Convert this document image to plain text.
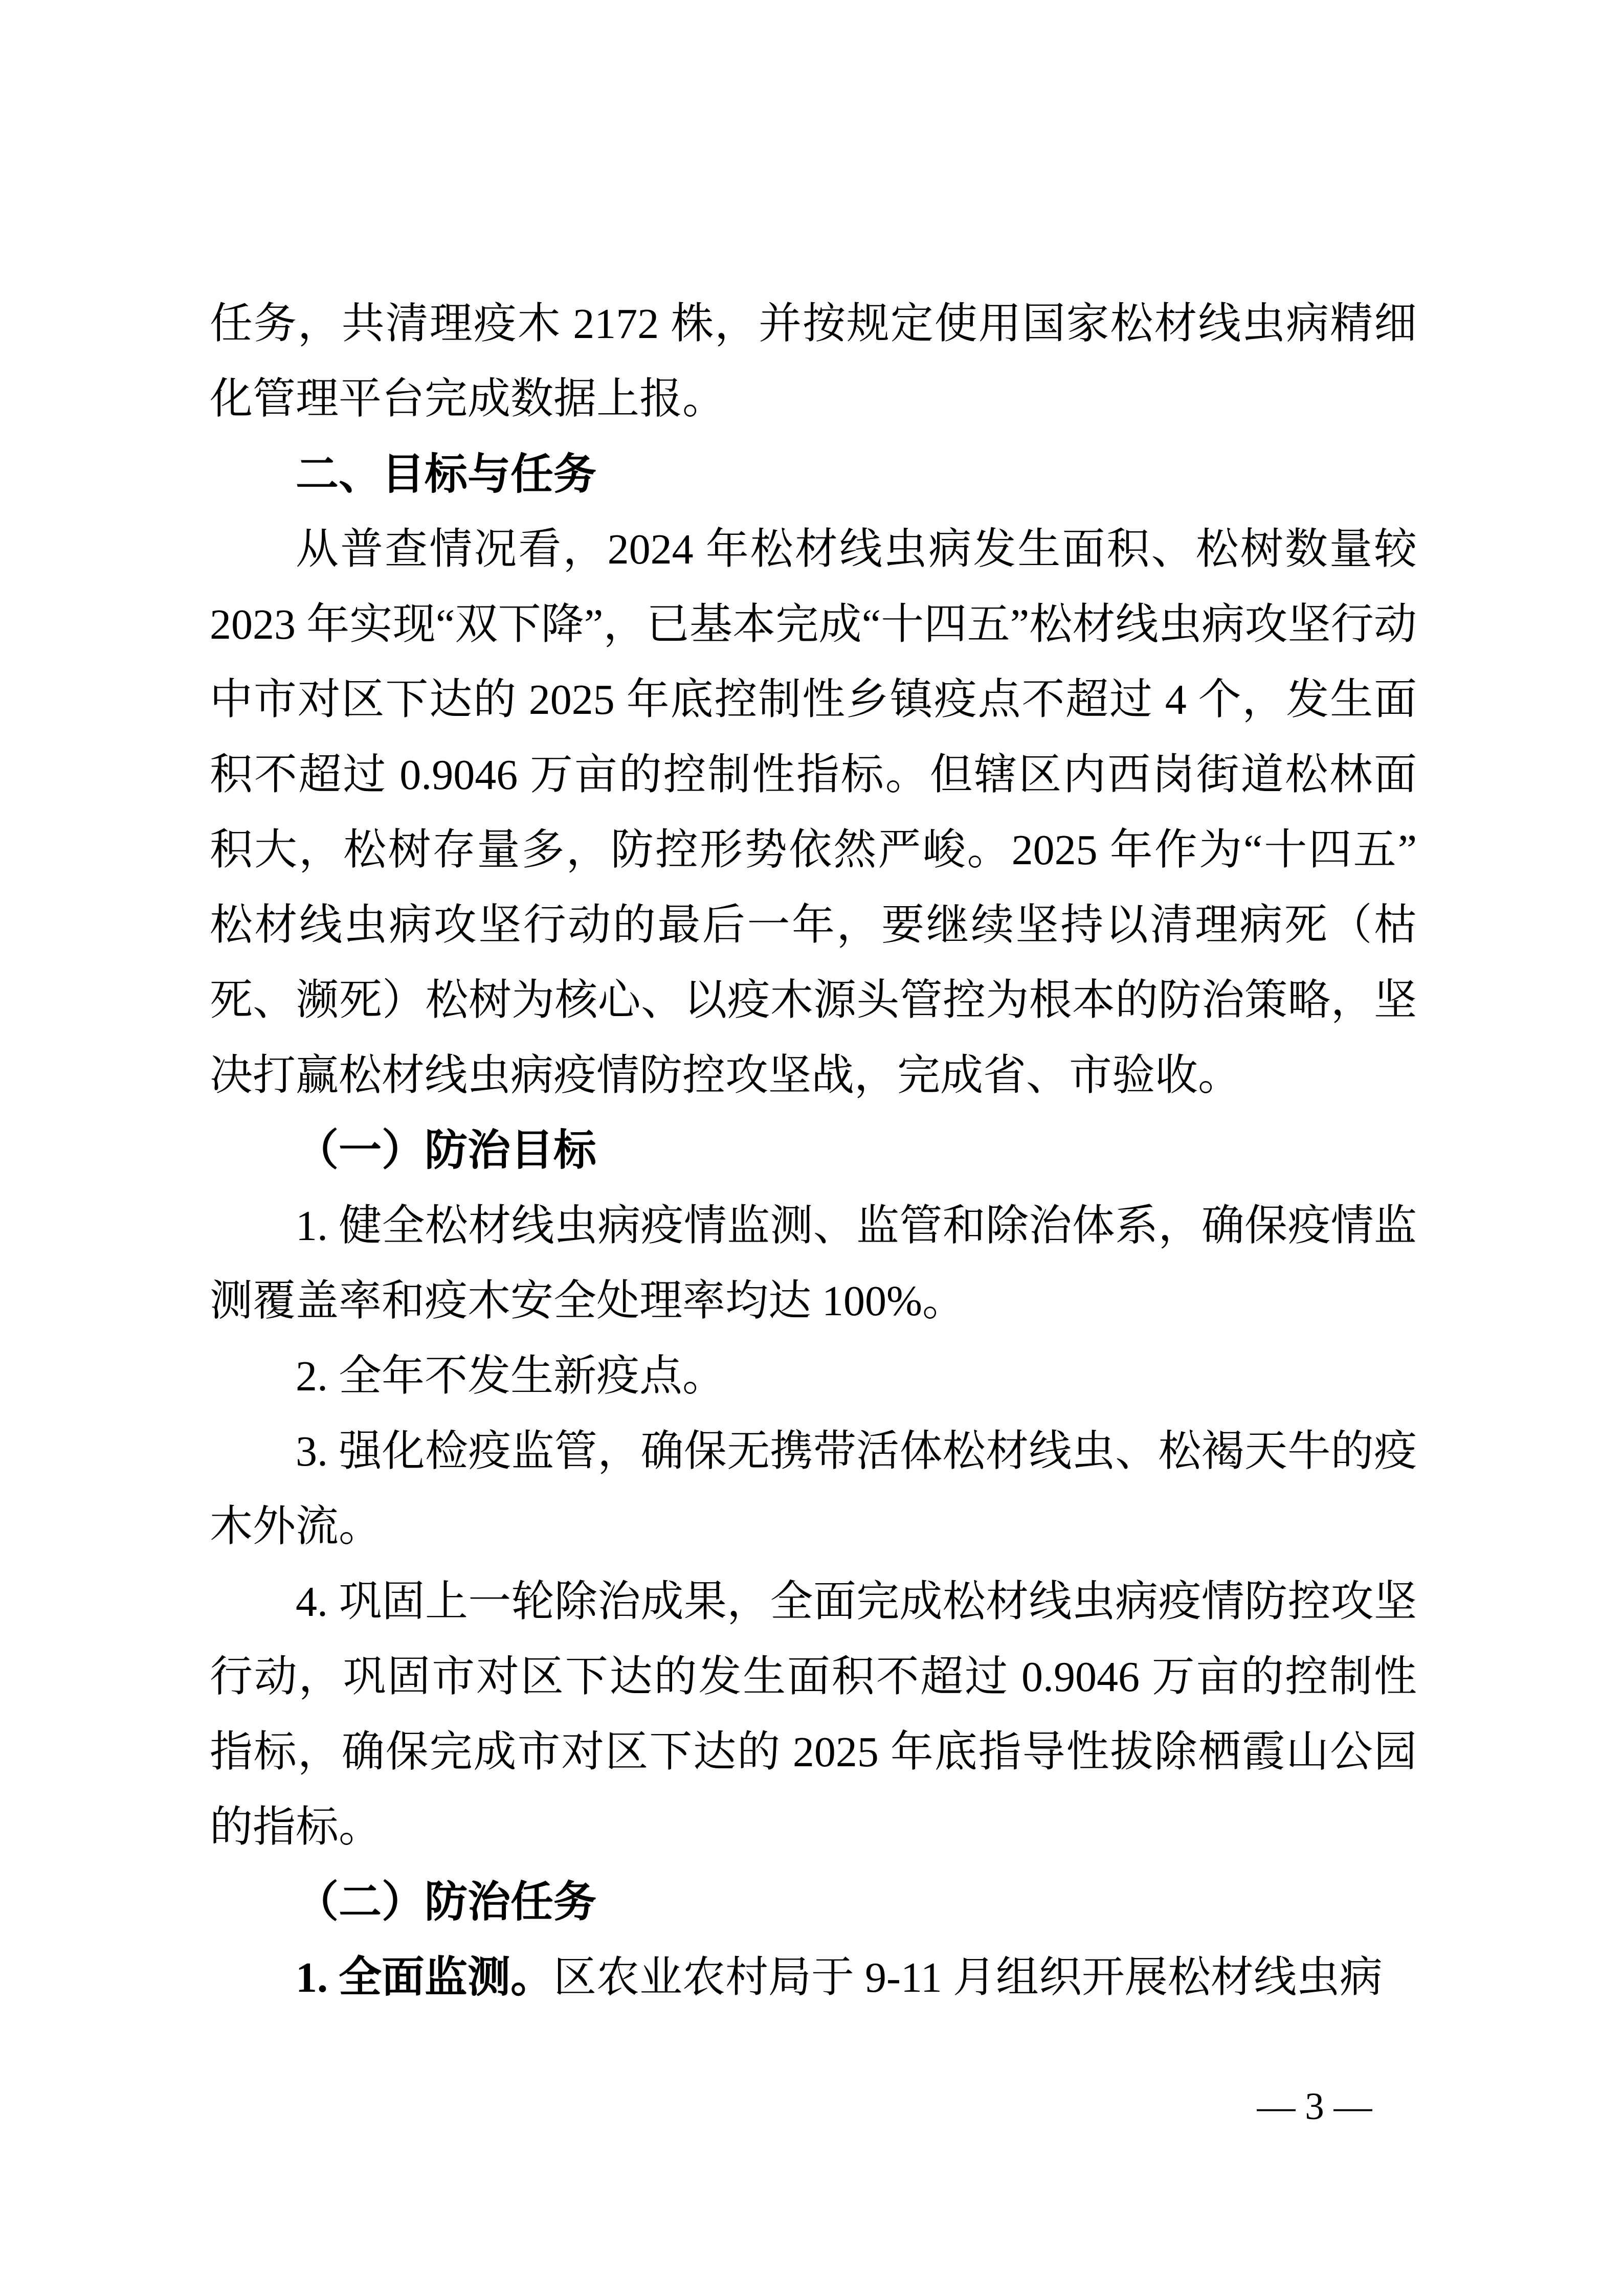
任务，共清理疫木 2172 株，并按规定使用国家松材线虫病精细化管理平台完成数据上报。

二、目标与任务

从普查情况看，2024 年松材线虫病发生面积、松树数量较 2023 年实现“双下降”，已基本完成“十四五”松材线虫病攻坚行动中市对区下达的 2025 年底控制性乡镇疫点不超过 4 个，发生面积不超过 0.9046 万亩的控制性指标。但辖区内西岗街道松林面积大，松树存量多，防控形势依然严峻。2025 年作为“十四五”松材线虫病攻坚行动的最后一年，要继续坚持以清理病死（枯死、濒死）松树为核心、以疫木源头管控为根本的防治策略，坚决打赢松材线虫病疫情防控攻坚战，完成省、市验收。

（一）防治目标

1. 健全松材线虫病疫情监测、监管和除治体系，确保疫情监测覆盖率和疫木安全处理率均达 100%。

2. 全年不发生新疫点。

3. 强化检疫监管，确保无携带活体松材线虫、松褐天牛的疫木外流。

4. 巩固上一轮除治成果，全面完成松材线虫病疫情防控攻坚行动，巩固市对区下达的发生面积不超过 0.9046 万亩的控制性指标，确保完成市对区下达的 2025 年底指导性拔除栖霞山公园的指标。

（二）防治任务

1. 全面监测。区农业农村局于 9-11 月组织开展松材线虫病

— 3 —
